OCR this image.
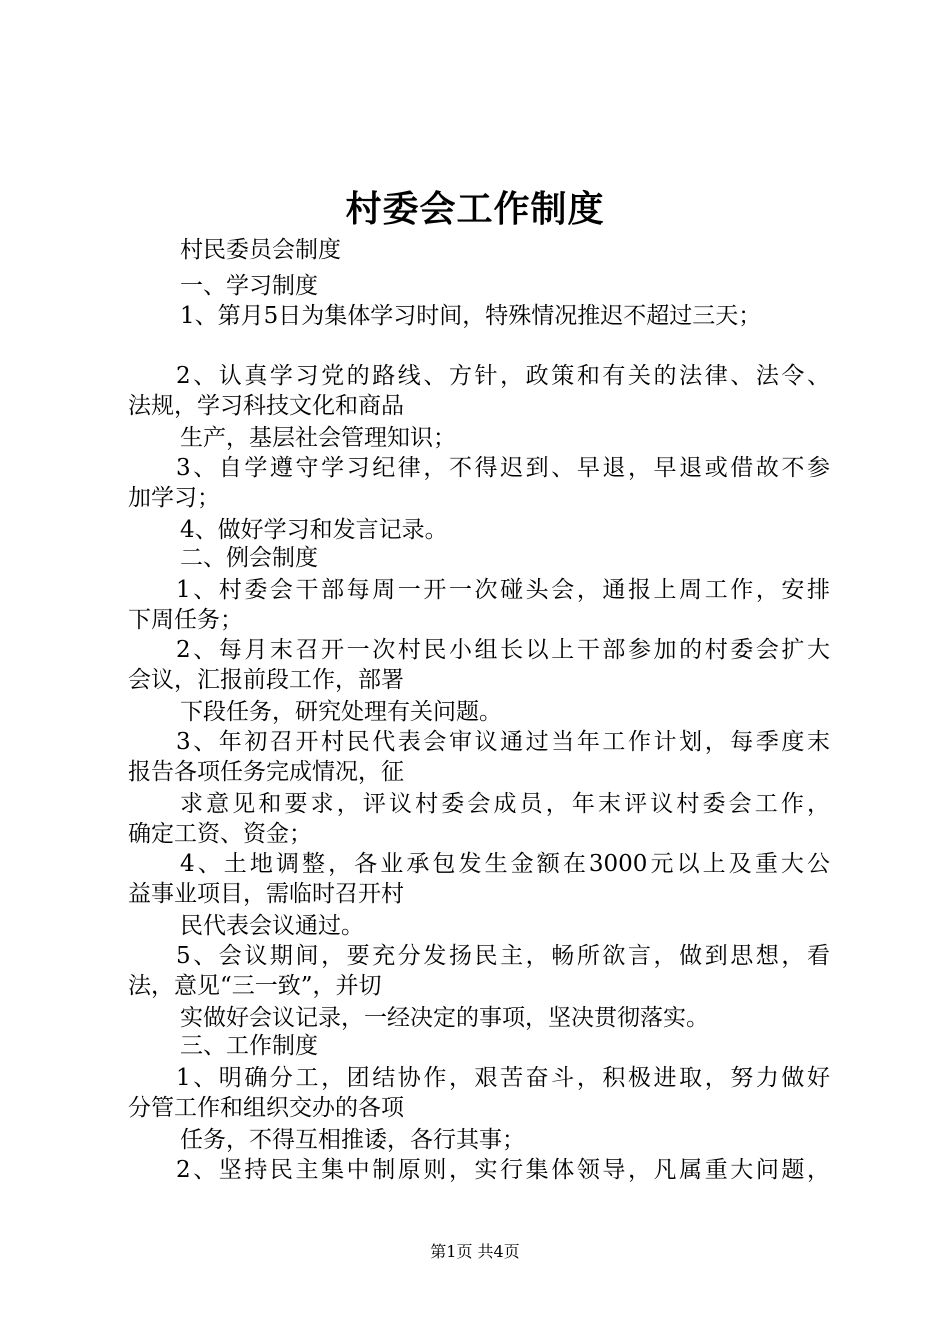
村委会工作制度
村民委员会制度
一、学习制度
1、第月5日为集体学习时间，特殊情况推迟不超过三天；
2、认真学习党的路线、方针，政策和有关的法律、法令、
法规，学习科技文化和商品
生产，基层社会管理知识；
3、自学遵守学习纪律，不得迟到、早退，早退或借故不参
加学习；
4、做好学习和发言记录。
二、例会制度
1、村委会干部每周一开一次碰头会，通报上周工作，安排
下周任务；
2、每月末召开一次村民小组长以上干部参加的村委会扩大
会议，汇报前段工作，部署
下段任务，研究处理有关问题。
3、年初召开村民代表会审议通过当年工作计划，每季度末
报告各项任务完成情况，征
求意见和要求，评议村委会成员，年末评议村委会工作，
确定工资、资金；
4、土地调整，各业承包发生金额在3000元以上及重大公
益事业项目，需临时召开村
民代表会议通过。
5、会议期间，要充分发扬民主，畅所欲言，做到思想，看
法，意见“三一致”，并切
实做好会议记录，一经决定的事项，坚决贯彻落实。
三、工作制度
1、明确分工，团结协作，艰苦奋斗，积极进取，努力做好
分管工作和组织交办的各项
任务，不得互相推诿，各行其事；
2、坚持民主集中制原则，实行集体领导，凡属重大问题，
第1页 共4页
